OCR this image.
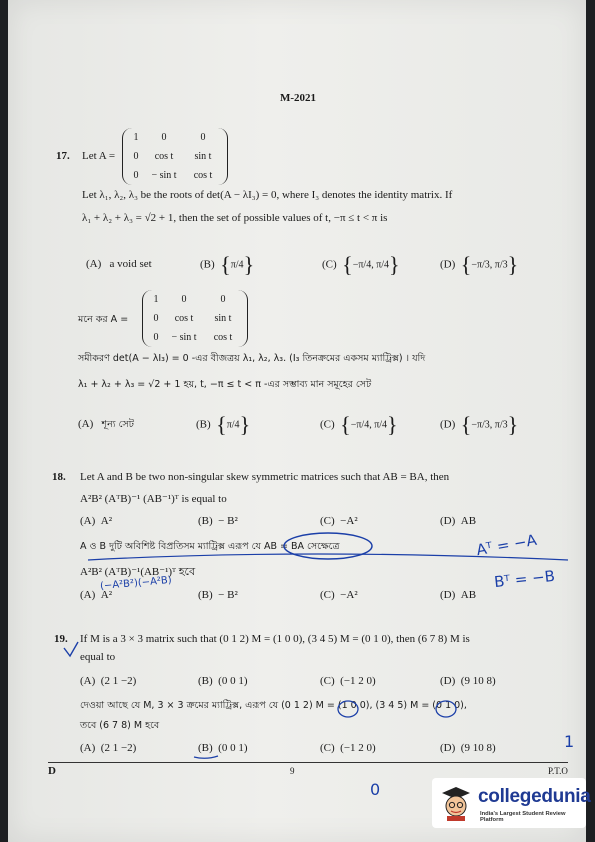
M-2021
17. Let A =
1	0	0
0	cos t	sin t
0	− sin t	cos t
Let λ₁, λ₂, λ₃ be the roots of det(A − λI₃) = 0, where I₃ denotes the identity matrix. If
λ₁ + λ₂ + λ₃ = √2 + 1, then the set of possible values of t, −π ≤ t < π is
(A) a void set	(B) {π/4}	(C) {−π/4, π/4}	(D) {−π/3, π/3}
মনে কর A =
1	0	0
0	cos t	sin t
0	− sin t	cos t
সমীকরণ det(A − λI₃) = 0 -এর বীজত্রয় λ₁, λ₂, λ₃. (I₃ তিনক্রমের একসম ম্যাট্রিক্স) । যদি
λ₁ + λ₂ + λ₃ = √2 + 1 হয়, t, −π ≤ t < π -এর সম্ভাব্য মান সমূহের সেট
(A) শূন্য সেট	(B) {π/4}	(C) {−π/4, π/4}	(D) {−π/3, π/3}
18. Let A and B be two non-singular skew symmetric matrices such that AB = BA, then
A²B² (AᵀB)⁻¹ (AB⁻¹)ᵀ is equal to
(A) A²	(B) − B²	(C) −A²	(D) AB
A ও B দুটি অবিশিষ্ট বিপ্রতিসম ম্যাট্রিক্স এরূপ যে AB = BA সেক্ষেত্রে
A²B² (AᵀB)⁻¹(AB⁻¹)ᵀ হবে
(A) A²	(B) − B²	(C) −A²	(D) AB
19. If M is a 3 × 3 matrix such that (0 1 2) M = (1 0 0), (3 4 5) M = (0 1 0), then (6 7 8) M is
equal to
(A) (2 1 −2)	(B) (0 0 1)	(C) (−1 2 0)	(D) (9 10 8)
দেওয়া আছে যে M, 3 × 3 ক্রমের ম্যাট্রিক্স, এরূপ যে (0 1 2) M = (1 0 0), (3 4 5) M = (0 1 0),
তবে (6 7 8) M হবে
(A) (2 1 −2)	(B) (0 0 1)	(C) (−1 2 0)	(D) (9 10 8)
Aᵀ = −A
Bᵀ = −B
(−A²B²)(−A²B)
1
0
D	9	P.T.O
collegedunia
India's Largest Student Review Platform
